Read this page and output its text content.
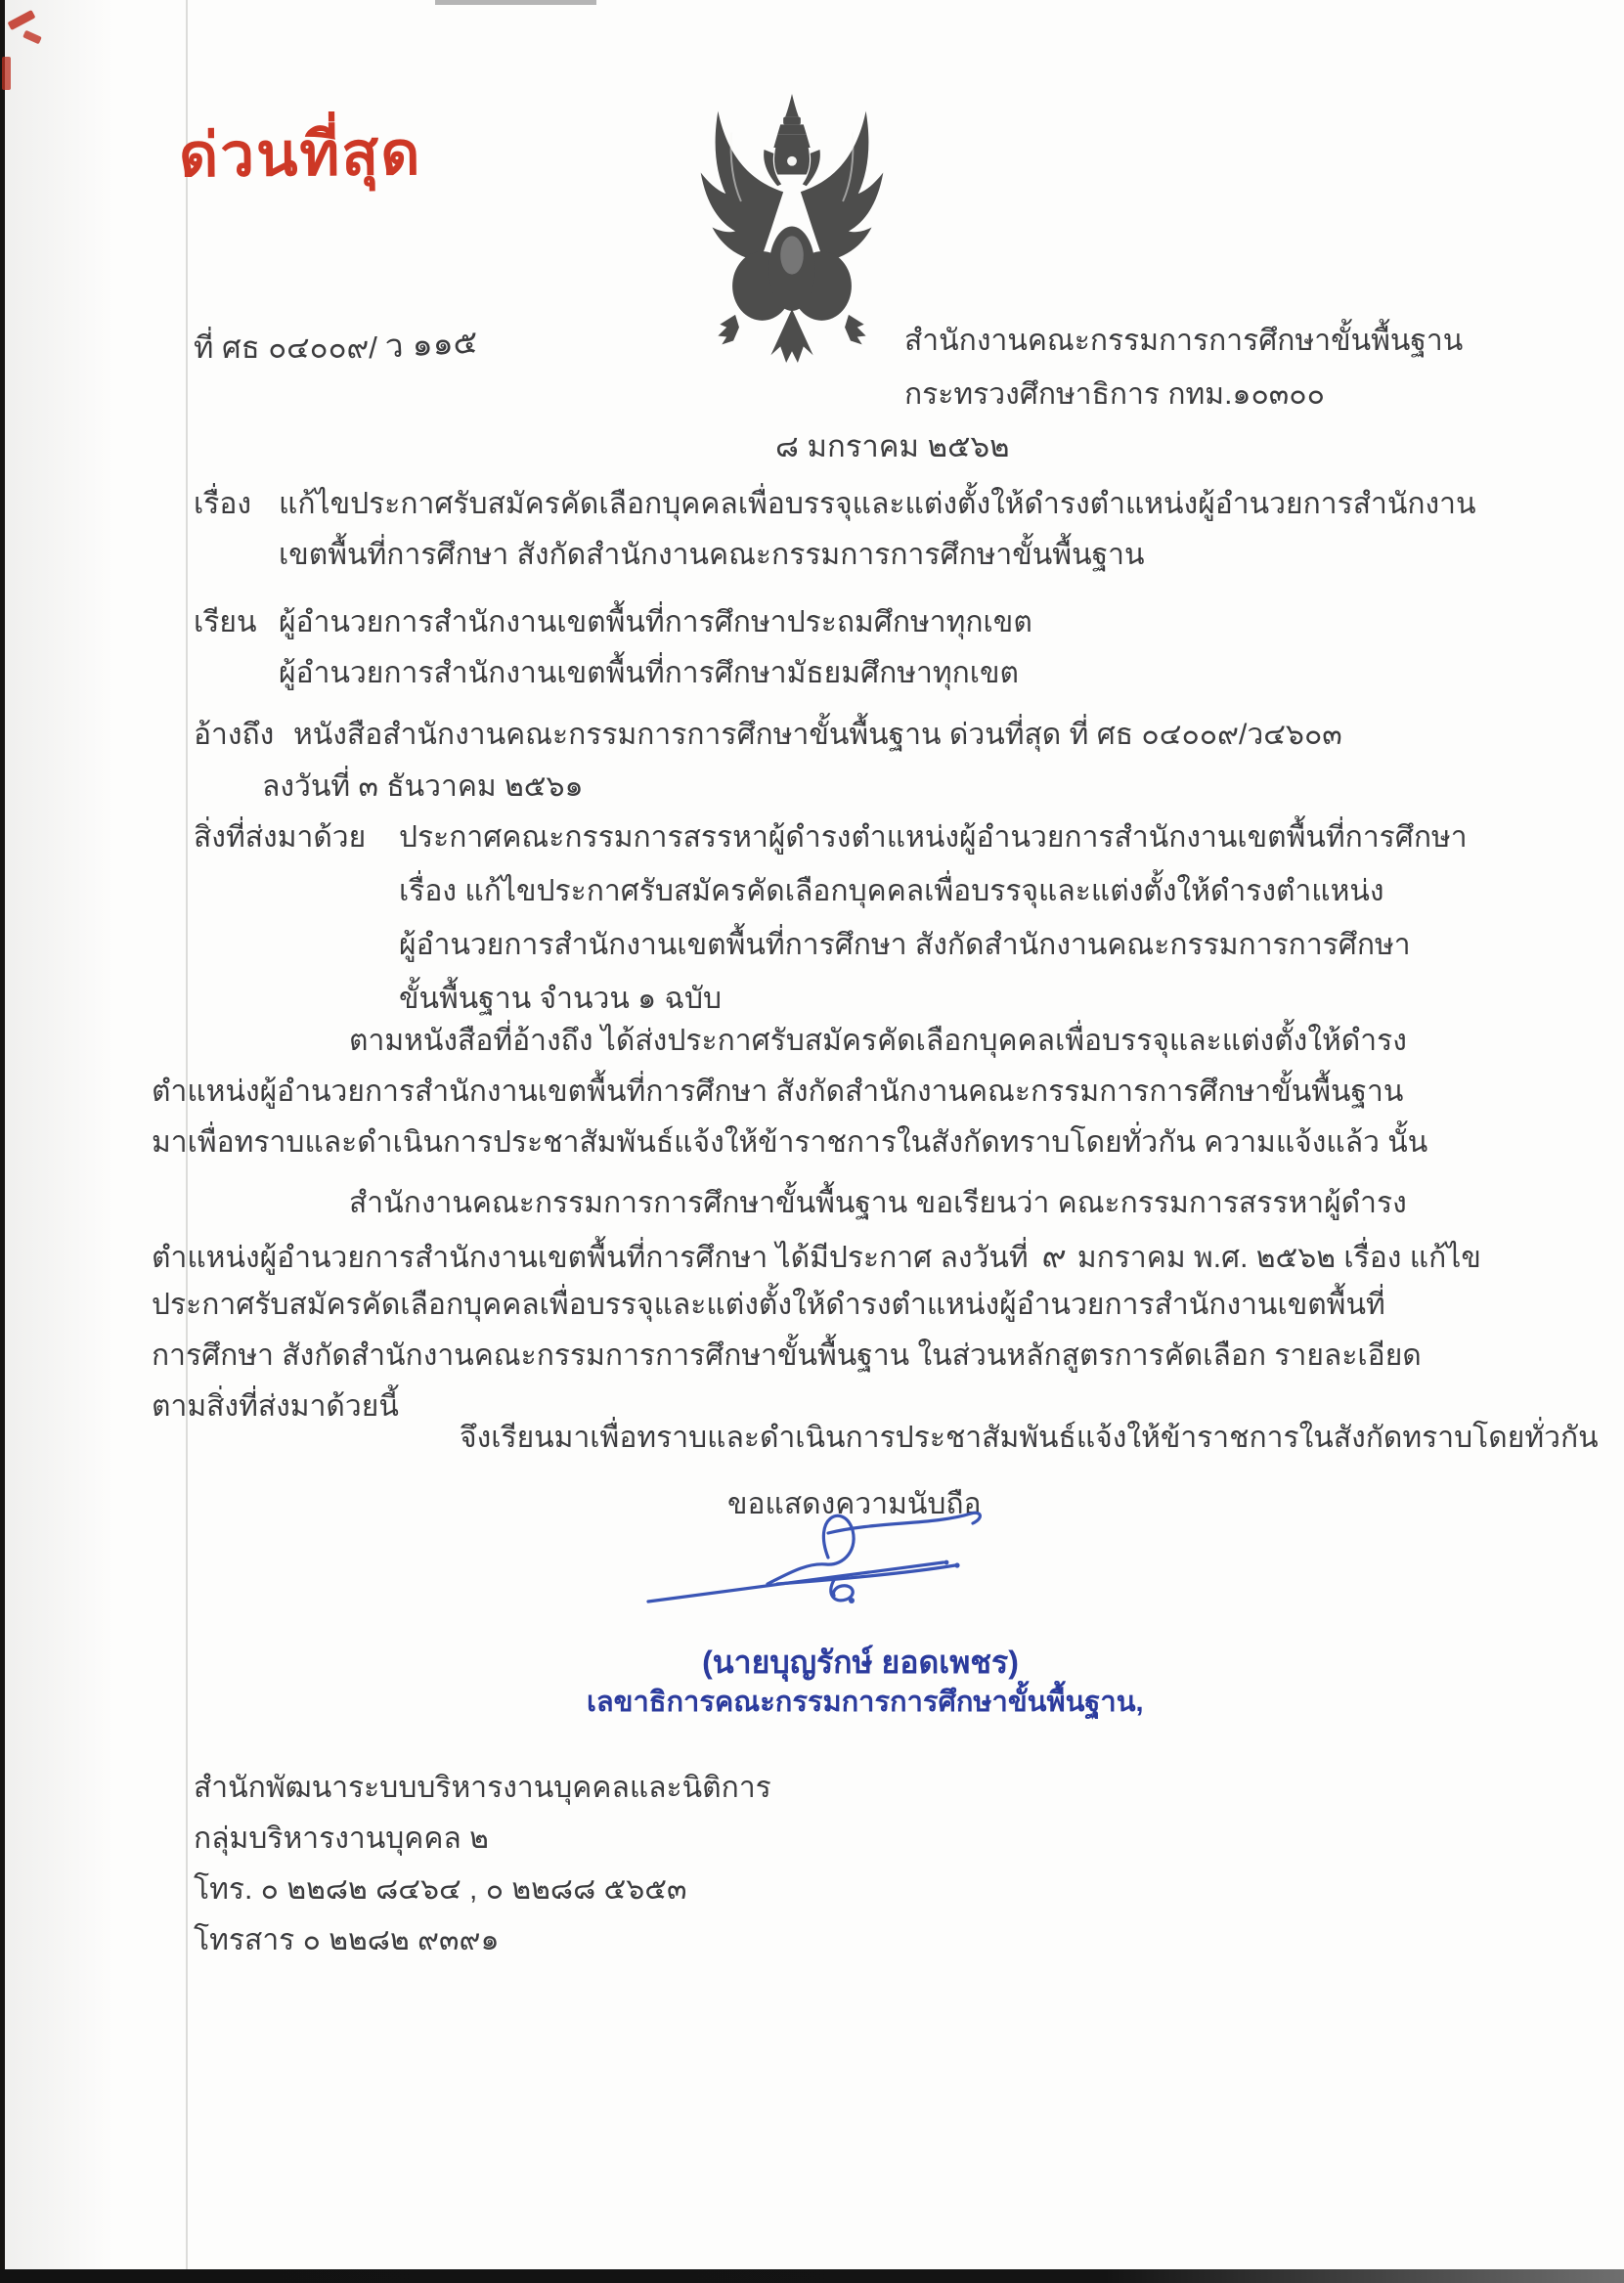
ด่วนที่สุด
ที่ ศธ ๐๔๐๐๙/ ว ๑๑๕	สำนักงานคณะกรรมการการศึกษาขั้นพื้นฐาน
กระทรวงศึกษาธิการ กทม.๑๐๓๐๐
๘ มกราคม ๒๕๖๒
เรื่อง แก้ไขประกาศรับสมัครคัดเลือกบุคคลเพื่อบรรจุและแต่งตั้งให้ดำรงตำแหน่งผู้อำนวยการสำนักงาน
เขตพื้นที่การศึกษา สังกัดสำนักงานคณะกรรมการการศึกษาขั้นพื้นฐาน
เรียน ผู้อำนวยการสำนักงานเขตพื้นที่การศึกษาประถมศึกษาทุกเขต
ผู้อำนวยการสำนักงานเขตพื้นที่การศึกษามัธยมศึกษาทุกเขต
อ้างถึง หนังสือสำนักงานคณะกรรมการการศึกษาขั้นพื้นฐาน ด่วนที่สุด ที่ ศธ ๐๔๐๐๙/ว๔๖๐๓
ลงวันที่ ๓ ธันวาคม ๒๕๖๑
สิ่งที่ส่งมาด้วย ประกาศคณะกรรมการสรรหาผู้ดำรงตำแหน่งผู้อำนวยการสำนักงานเขตพื้นที่การศึกษา
เรื่อง แก้ไขประกาศรับสมัครคัดเลือกบุคคลเพื่อบรรจุและแต่งตั้งให้ดำรงตำแหน่ง
ผู้อำนวยการสำนักงานเขตพื้นที่การศึกษา สังกัดสำนักงานคณะกรรมการการศึกษา
ขั้นพื้นฐาน จำนวน ๑ ฉบับ
ตามหนังสือที่อ้างถึง ได้ส่งประกาศรับสมัครคัดเลือกบุคคลเพื่อบรรจุและแต่งตั้งให้ดำรง
ตำแหน่งผู้อำนวยการสำนักงานเขตพื้นที่การศึกษา สังกัดสำนักงานคณะกรรมการการศึกษาขั้นพื้นฐาน
มาเพื่อทราบและดำเนินการประชาสัมพันธ์แจ้งให้ข้าราชการในสังกัดทราบโดยทั่วกัน ความแจ้งแล้ว นั้น
สำนักงานคณะกรรมการการศึกษาขั้นพื้นฐาน ขอเรียนว่า คณะกรรมการสรรหาผู้ดำรง
ตำแหน่งผู้อำนวยการสำนักงานเขตพื้นที่การศึกษา ได้มีประกาศ ลงวันที่ ๙ มกราคม พ.ศ. ๒๕๖๒ เรื่อง แก้ไข
ประกาศรับสมัครคัดเลือกบุคคลเพื่อบรรจุและแต่งตั้งให้ดำรงตำแหน่งผู้อำนวยการสำนักงานเขตพื้นที่
การศึกษา สังกัดสำนักงานคณะกรรมการการศึกษาขั้นพื้นฐาน ในส่วนหลักสูตรการคัดเลือก รายละเอียด
ตามสิ่งที่ส่งมาด้วยนี้
จึงเรียนมาเพื่อทราบและดำเนินการประชาสัมพันธ์แจ้งให้ข้าราชการในสังกัดทราบโดยทั่วกัน
ขอแสดงความนับถือ
(นายบุญรักษ์ ยอดเพชร)
เลขาธิการคณะกรรมการการศึกษาขั้นพื้นฐาน,
สำนักพัฒนาระบบบริหารงานบุคคลและนิติการ
กลุ่มบริหารงานบุคคล ๒
โทร. ๐ ๒๒๘๒ ๘๔๖๔ , ๐ ๒๒๘๘ ๕๖๕๓
โทรสาร ๐ ๒๒๘๒ ๙๓๙๑
